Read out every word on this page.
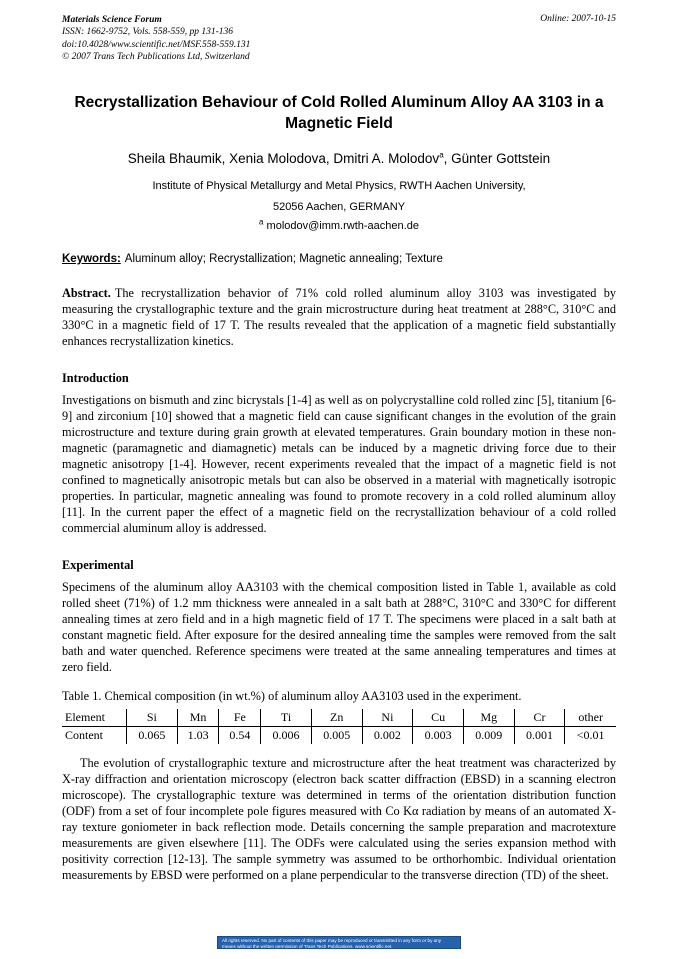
Materials Science Forum
ISSN: 1662-9752, Vols. 558-559, pp 131-136
doi:10.4028/www.scientific.net/MSF.558-559.131
© 2007 Trans Tech Publications Ltd, Switzerland
Online: 2007-10-15
Recrystallization Behaviour of Cold Rolled Aluminum Alloy AA 3103 in a Magnetic Field
Sheila Bhaumik, Xenia Molodova, Dmitri A. Molodov$^a$, Günter Gottstein
Institute of Physical Metallurgy and Metal Physics, RWTH Aachen University,
52056 Aachen, GERMANY
$^a$ molodov@imm.rwth-aachen.de
Keywords: Aluminum alloy; Recrystallization; Magnetic annealing; Texture
Abstract. The recrystallization behavior of 71% cold rolled aluminum alloy 3103 was investigated by measuring the crystallographic texture and the grain microstructure during heat treatment at 288°C, 310°C and 330°C in a magnetic field of 17 T. The results revealed that the application of a magnetic field substantially enhances recrystallization kinetics.
Introduction
Investigations on bismuth and zinc bicrystals [1-4] as well as on polycrystalline cold rolled zinc [5], titanium [6-9] and zirconium [10] showed that a magnetic field can cause significant changes in the evolution of the grain microstructure and texture during grain growth at elevated temperatures. Grain boundary motion in these non-magnetic (paramagnetic and diamagnetic) metals can be induced by a magnetic driving force due to their magnetic anisotropy [1-4]. However, recent experiments revealed that the impact of a magnetic field is not confined to magnetically anisotropic metals but can also be observed in a material with magnetically isotropic properties. In particular, magnetic annealing was found to promote recovery in a cold rolled aluminum alloy [11]. In the current paper the effect of a magnetic field on the recrystallization behaviour of a cold rolled commercial aluminum alloy is addressed.
Experimental
Specimens of the aluminum alloy AA3103 with the chemical composition listed in Table 1, available as cold rolled sheet (71%) of 1.2 mm thickness were annealed in a salt bath at 288°C, 310°C and 330°C for different annealing times at zero field and in a high magnetic field of 17 T. The specimens were placed in a salt bath at constant magnetic field. After exposure for the desired annealing time the samples were removed from the salt bath and water quenched. Reference specimens were treated at the same annealing temperatures and times at zero field.
Table 1. Chemical composition (in wt.%) of aluminum alloy AA3103 used in the experiment.
Element	Si	Mn	Fe	Ti	Zn	Ni	Cu	Mg	Cr	other
Content	0.065	1.03	0.54	0.006	0.005	0.002	0.003	0.009	0.001	<0.01
The evolution of crystallographic texture and microstructure after the heat treatment was characterized by X-ray diffraction and orientation microscopy (electron back scatter diffraction (EBSD) in a scanning electron microscope). The crystallographic texture was determined in terms of the orientation distribution function (ODF) from a set of four incomplete pole figures measured with Co Kα radiation by means of an automated X-ray texture goniometer in back reflection mode. Details concerning the sample preparation and macrotexture measurements are given elsewhere [11]. The ODFs were calculated using the series expansion method with positivity correction [12-13]. The sample symmetry was assumed to be orthorhombic. Individual orientation measurements by EBSD were performed on a plane perpendicular to the transverse direction (TD) of the sheet.
All rights reserved. No part of contents of this paper may be reproduced or transmitted in any form or by any means without the written permission of Trans Tech Publications, www.scientific.net.
